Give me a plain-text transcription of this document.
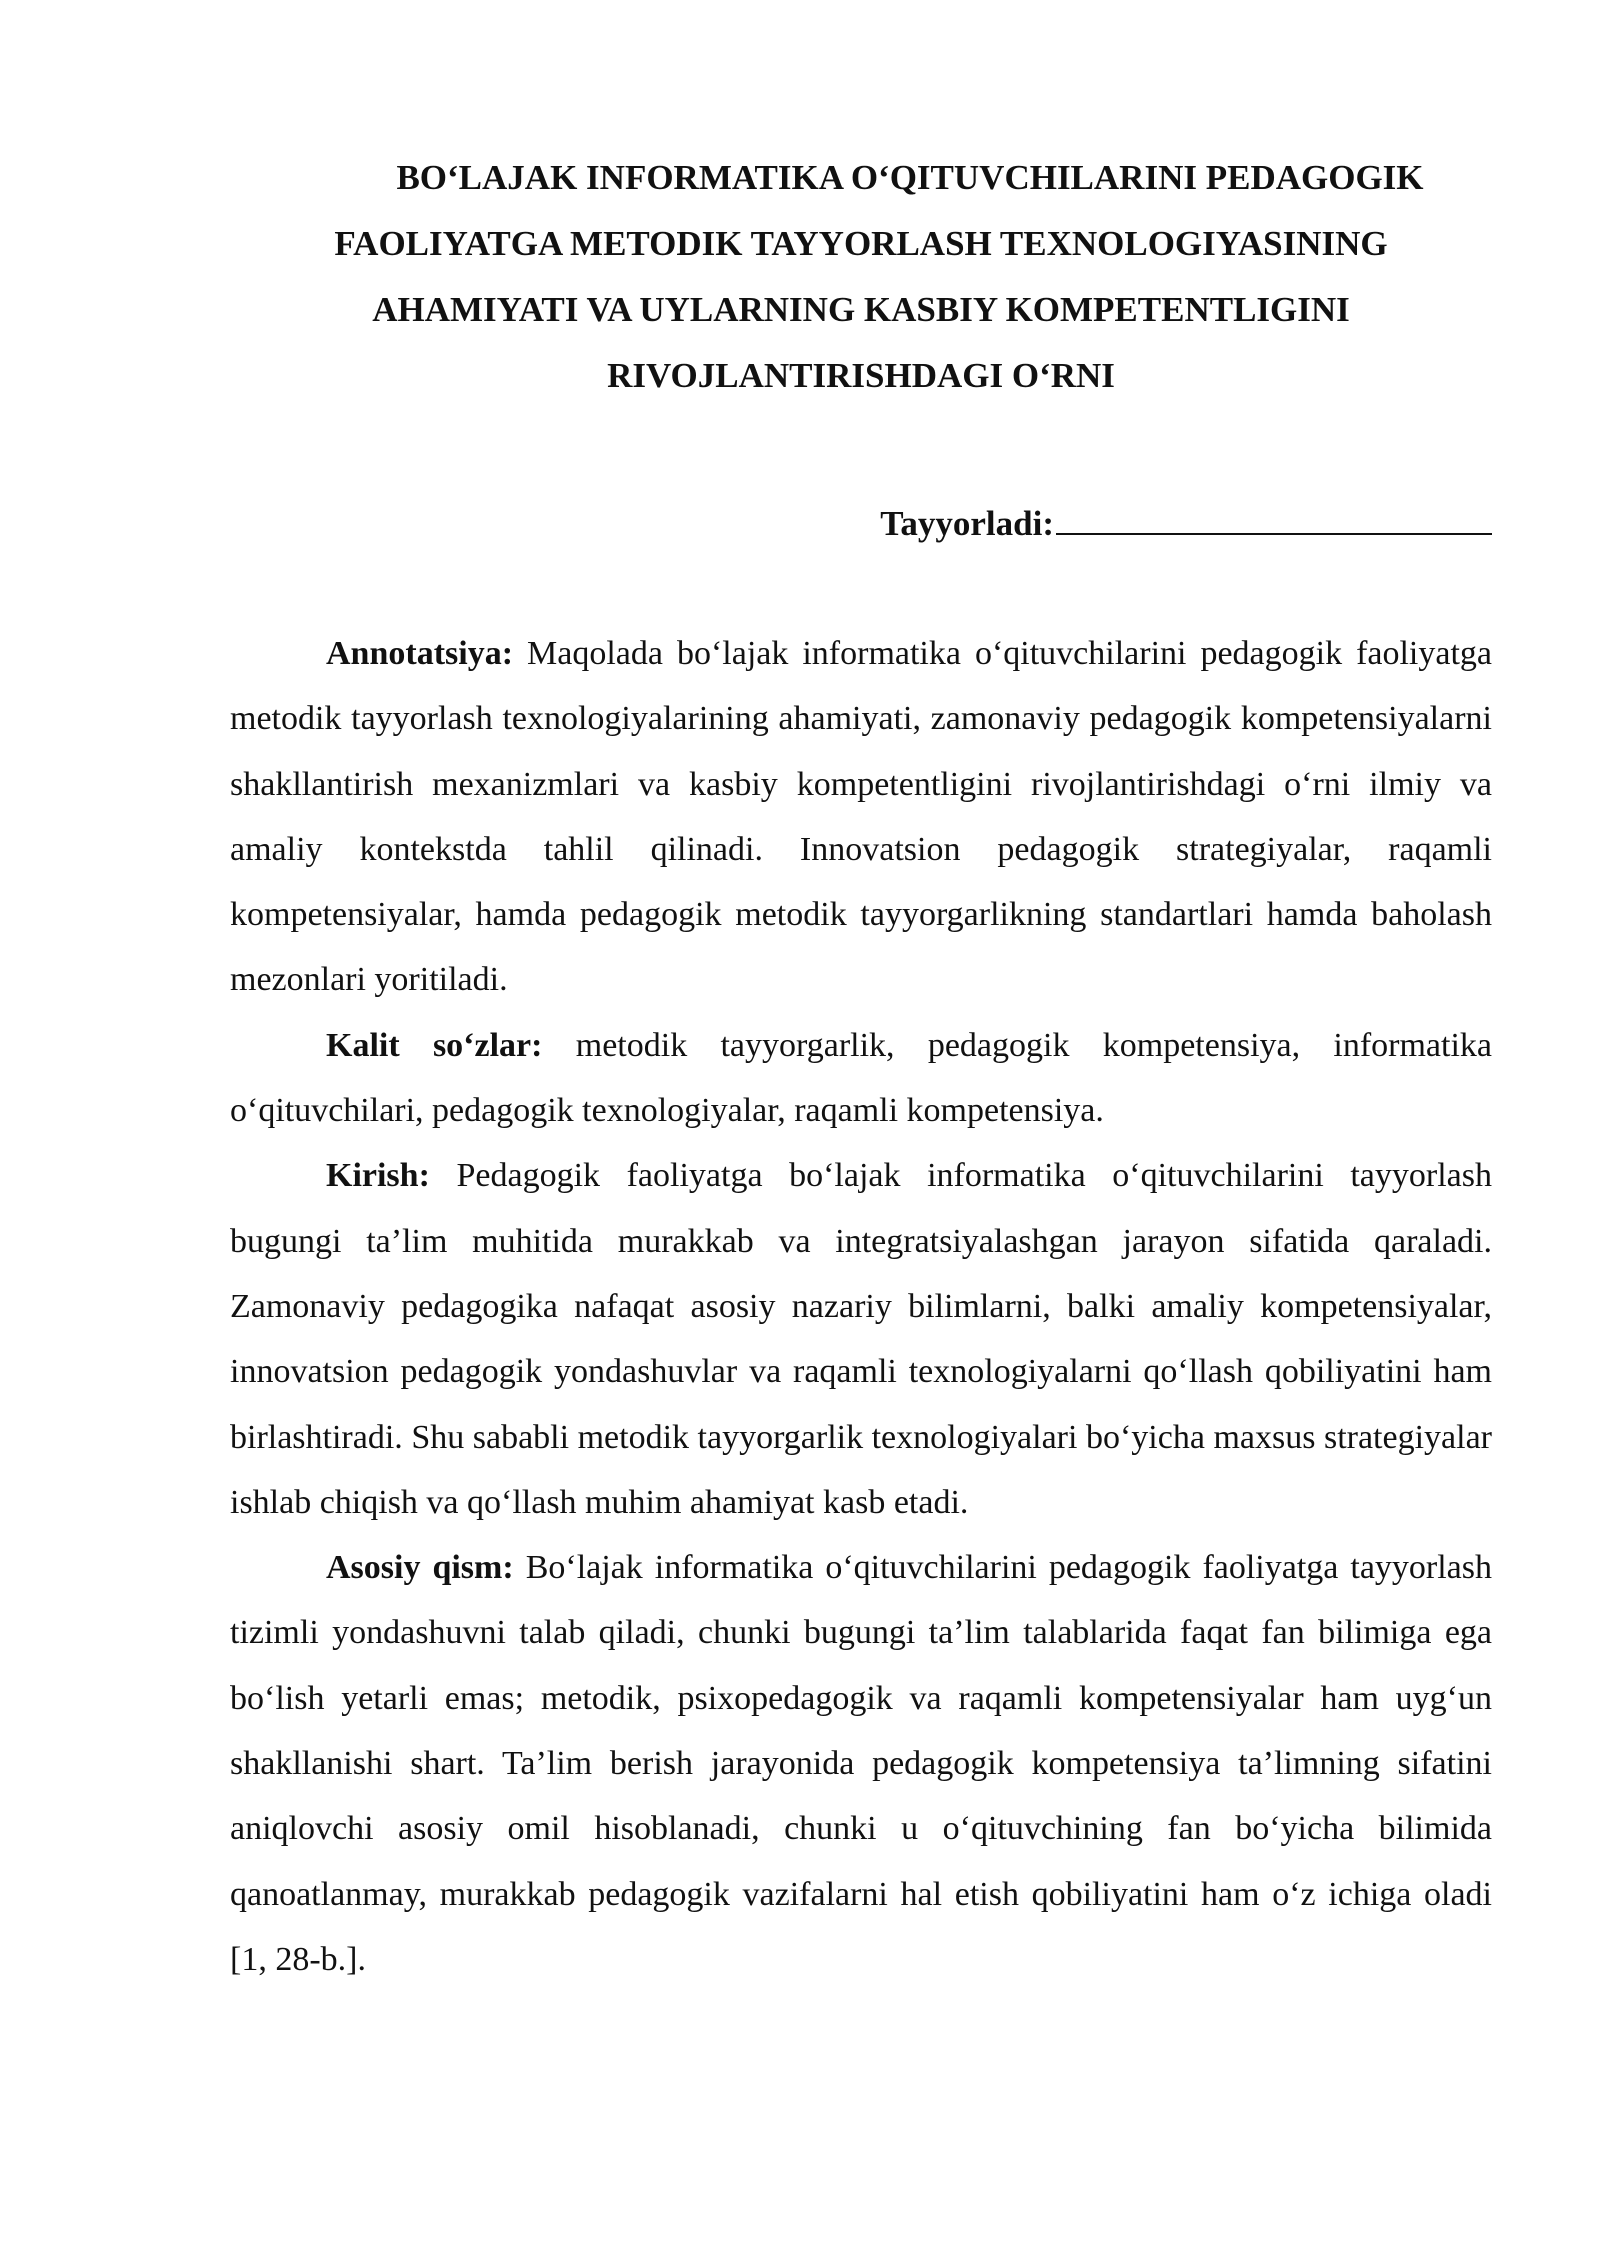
BO‘LAJAK INFORMATIKA O‘QITUVCHILARINI PEDAGOGIK
FAOLIYATGA METODIK TAYYORLASH TEXNOLOGIYASINING
AHAMIYATI VA UYLARNING KASBIY KOMPETENTLIGINI
RIVOJLANTIRISHDAGI O‘RNI
Tayyorladi:

Annotatsiya: Maqolada bo‘lajak informatika o‘qituvchilarini pedagogik faoliyatga metodik tayyorlash texnologiyalarining ahamiyati, zamonaviy pedagogik kompetensiyalarni shakllantirish mexanizmlari va kasbiy kompetentligini rivojlantirishdagi o‘rni ilmiy va amaliy kontekstda tahlil qilinadi. Innovatsion pedagogik strategiyalar, raqamli kompetensiyalar, hamda pedagogik metodik tayyorgarlikning standartlari hamda baholash mezonlari yoritiladi.

Kalit so‘zlar: metodik tayyorgarlik, pedagogik kompetensiya, informatika o‘qituvchilari, pedagogik texnologiyalar, raqamli kompetensiya.

Kirish: Pedagogik faoliyatga bo‘lajak informatika o‘qituvchilarini tayyorlash bugungi ta’lim muhitida murakkab va integratsiyalashgan jarayon sifatida qaraladi. Zamonaviy pedagogika nafaqat asosiy nazariy bilimlarni, balki amaliy kompetensiyalar, innovatsion pedagogik yondashuvlar va raqamli texnologiyalarni qo‘llash qobiliyatini ham birlashtiradi. Shu sababli metodik tayyorgarlik texnologiyalari bo‘yicha maxsus strategiyalar ishlab chiqish va qo‘llash muhim ahamiyat kasb etadi.

Asosiy qism: Bo‘lajak informatika o‘qituvchilarini pedagogik faoliyatga tayyorlash tizimli yondashuvni talab qiladi, chunki bugungi ta’lim talablarida faqat fan bilimiga ega bo‘lish yetarli emas; metodik, psixopedagogik va raqamli kompetensiyalar ham uyg‘un shakllanishi shart. Ta’lim berish jarayonida pedagogik kompetensiya ta’limning sifatini aniqlovchi asosiy omil hisoblanadi, chunki u o‘qituvchining fan bo‘yicha bilimida qanoatlanmay, murakkab pedagogik vazifalarni hal etish qobiliyatini ham o‘z ichiga oladi [1, 28-b.].
